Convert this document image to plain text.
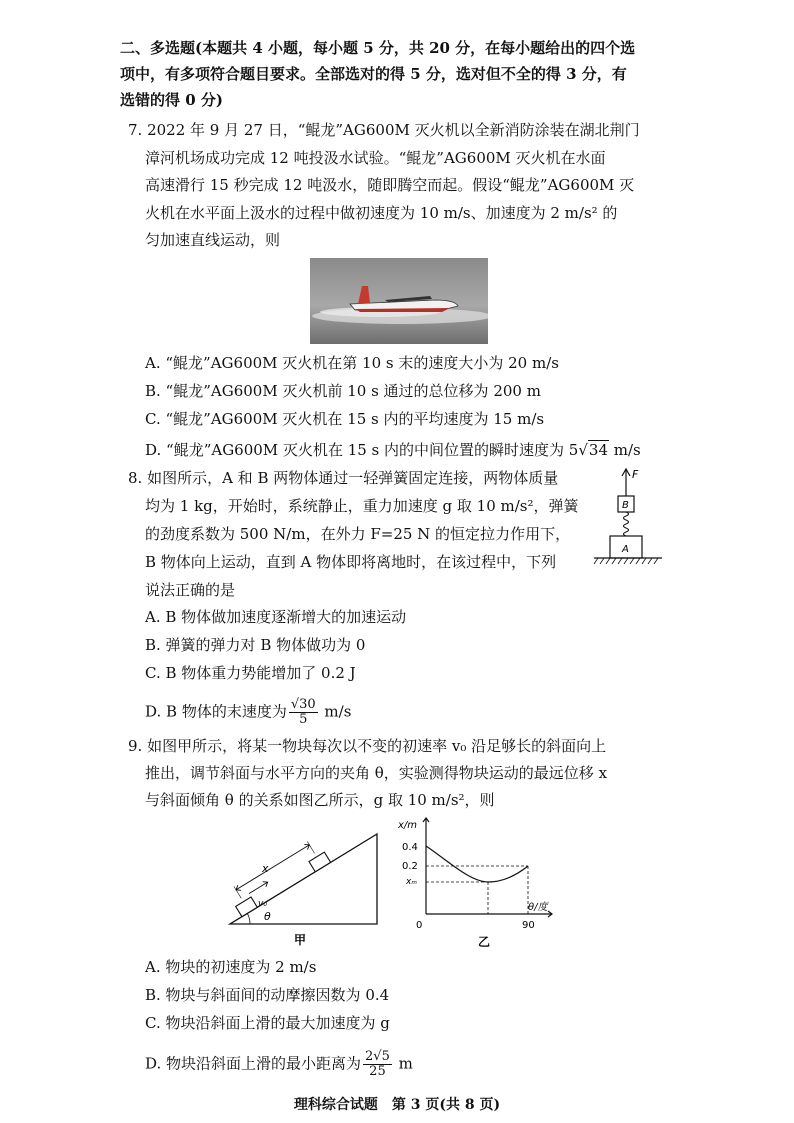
二、多选题(本题共 4 小题，每小题 5 分，共 20 分，在每小题给出的四个选
项中，有多项符合题目要求。全部选对的得 5 分，选对但不全的得 3 分，有
选错的得 0 分)
7. 2022 年 9 月 27 日，“鲲龙”AG600M 灭火机以全新消防涂装在湖北荆门
漳河机场成功完成 12 吨投汲水试验。“鲲龙”AG600M 灭火机在水面
高速滑行 15 秒完成 12 吨汲水，随即腾空而起。假设“鲲龙”AG600M 灭
火机在水平面上汲水的过程中做初速度为 10 m/s、加速度为 2 m/s² 的
匀加速直线运动，则
A. “鲲龙”AG600M 灭火机在第 10 s 末的速度大小为 20 m/s
B. “鲲龙”AG600M 灭火机前 10 s 通过的总位移为 200 m
C. “鲲龙”AG600M 灭火机在 15 s 内的平均速度为 15 m/s
D. “鲲龙”AG600M 灭火机在 15 s 内的中间位置的瞬时速度为 5√34 m/s
8. 如图所示，A 和 B 两物体通过一轻弹簧固定连接，两物体质量
均为 1 kg，开始时，系统静止，重力加速度 g 取 10 m/s²，弹簧
的劲度系数为 500 N/m，在外力 F=25 N 的恒定拉力作用下，
B 物体向上运动，直到 A 物体即将离地时，在该过程中，下列
说法正确的是
F
B
A
A. B 物体做加速度逐渐增大的加速运动
B. 弹簧的弹力对 B 物体做功为 0
C. B 物体重力势能增加了 0.2 J
D. B 物体的末速度为 $\frac{√30}{5} m/s$
9. 如图甲所示，将某一物块每次以不变的初速率 v₀ 沿足够长的斜面向上
推出，调节斜面与水平方向的夹角 θ，实验测得物块运动的最远位移 x
与斜面倾角 θ 的关系如图乙所示，g 取 10 m/s²，则
x
v₀
θ
甲
x/m
θ/度
0.4
0.2
xₘ
0	90
乙
A. 物块的初速度为 2 m/s
B. 物块与斜面间的动摩擦因数为 0.4
C. 物块沿斜面上滑的最大加速度为 g
D. 物块沿斜面上滑的最小距离为 $\frac{2√5}{25}$ m
理科综合试题　第 3 页(共 8 页)
